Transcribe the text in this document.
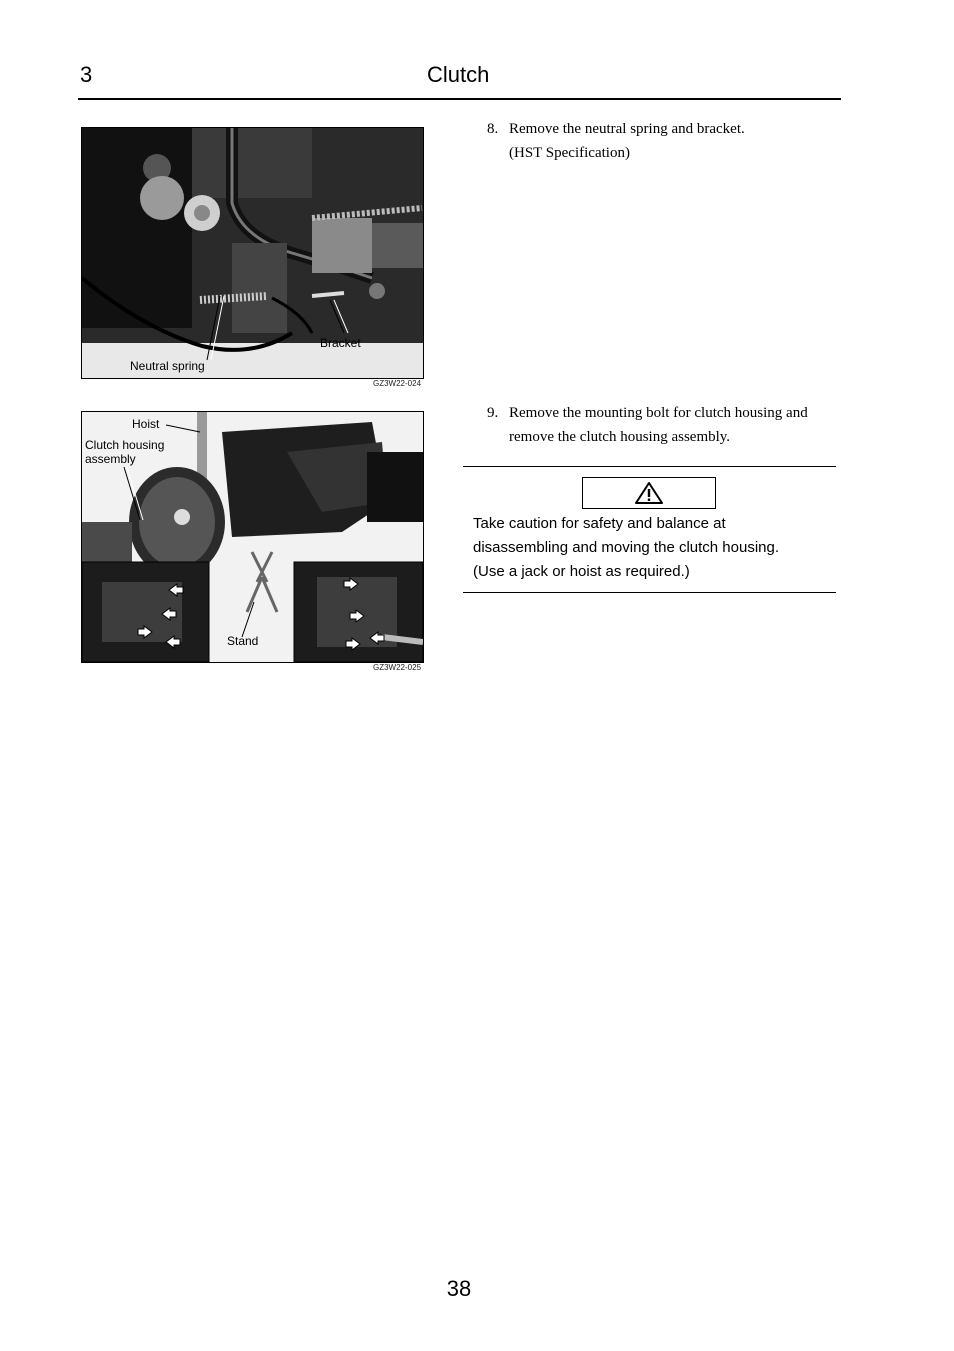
3	Clutch
Bracket
Neutral spring
GZ3W22-024
Hoist
Clutch housing
assembly
Stand
GZ3W22-025
8. Remove the neutral spring and bracket.
(HST Specification)
9. Remove the mounting bolt for clutch housing and remove the clutch housing assembly.
Take caution for safety and balance at
disassembling and moving the clutch housing.
(Use a jack or hoist as required.)
38
